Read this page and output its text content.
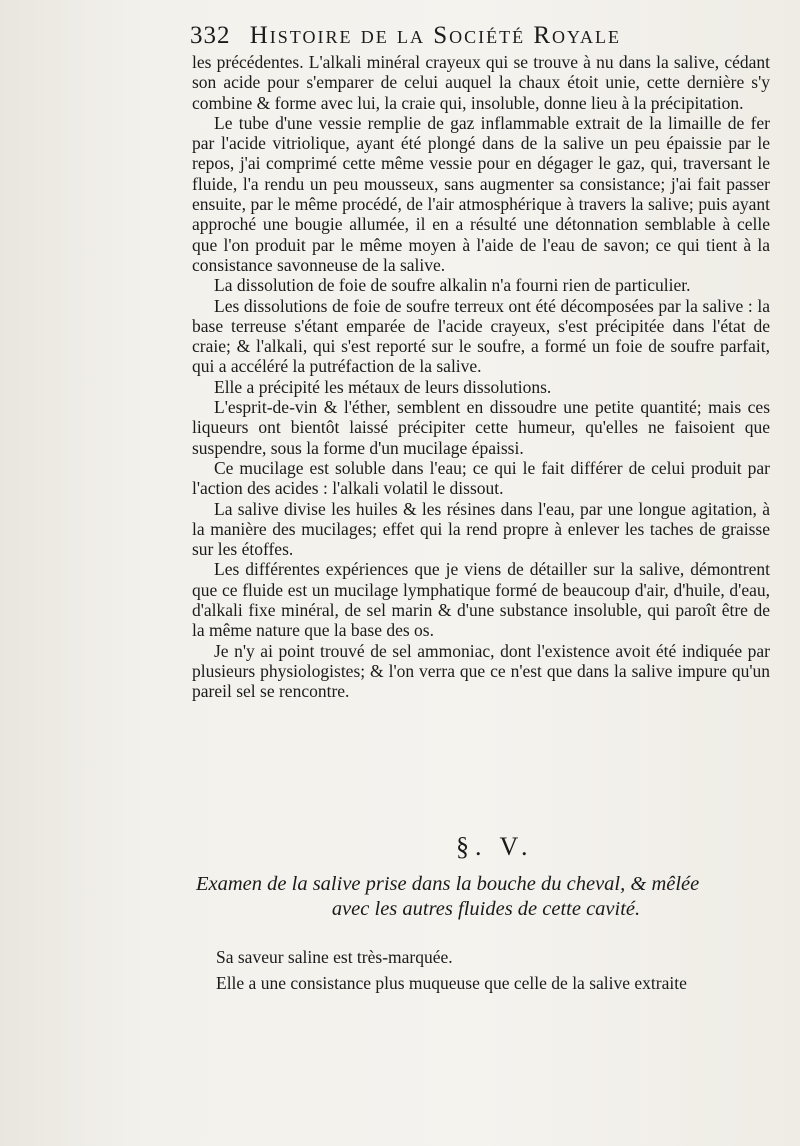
332 Histoire de la Société Royale

les précédentes. L'alkali minéral crayeux qui se trouve à nu dans la salive, cédant son acide pour s'emparer de celui auquel la chaux étoit unie, cette dernière s'y combine & forme avec lui, la craie qui, insoluble, donne lieu à la précipitation.

Le tube d'une vessie remplie de gaz inflammable extrait de la limaille de fer par l'acide vitriolique, ayant été plongé dans de la salive un peu épaissie par le repos, j'ai comprimé cette même vessie pour en dégager le gaz, qui, traversant le fluide, l'a rendu un peu mousseux, sans augmenter sa consistance; j'ai fait passer ensuite, par le même procédé, de l'air atmosphérique à travers la salive; puis ayant approché une bougie allumée, il en a résulté une détonnation semblable à celle que l'on produit par le même moyen à l'aide de l'eau de savon; ce qui tient à la consistance savonneuse de la salive.

La dissolution de foie de soufre alkalin n'a fourni rien de particulier.

Les dissolutions de foie de soufre terreux ont été décomposées par la salive : la base terreuse s'étant emparée de l'acide crayeux, s'est précipitée dans l'état de craie; & l'alkali, qui s'est reporté sur le soufre, a formé un foie de soufre parfait, qui a accéléré la putréfaction de la salive.

Elle a précipité les métaux de leurs dissolutions.

L'esprit-de-vin & l'éther, semblent en dissoudre une petite quantité; mais ces liqueurs ont bientôt laissé précipiter cette humeur, qu'elles ne faisoient que suspendre, sous la forme d'un mucilage épaissi.

Ce mucilage est soluble dans l'eau; ce qui le fait différer de celui produit par l'action des acides : l'alkali volatil le dissout.

La salive divise les huiles & les résines dans l'eau, par une longue agitation, à la manière des mucilages; effet qui la rend propre à enlever les taches de graisse sur les étoffes.

Les différentes expériences que je viens de détailler sur la salive, démontrent que ce fluide est un mucilage lymphatique formé de beaucoup d'air, d'huile, d'eau, d'alkali fixe minéral, de sel marin & d'une substance insoluble, qui paroît être de la même nature que la base des os.

Je n'y ai point trouvé de sel ammoniac, dont l'existence avoit été indiquée par plusieurs physiologistes; & l'on verra que ce n'est que dans la salive impure qu'un pareil sel se rencontre.

§. V.
Examen de la salive prise dans la bouche du cheval, & mêlée
avec les autres fluides de cette cavité.

Sa saveur saline est très-marquée.

Elle a une consistance plus muqueuse que celle de la salive extraite
